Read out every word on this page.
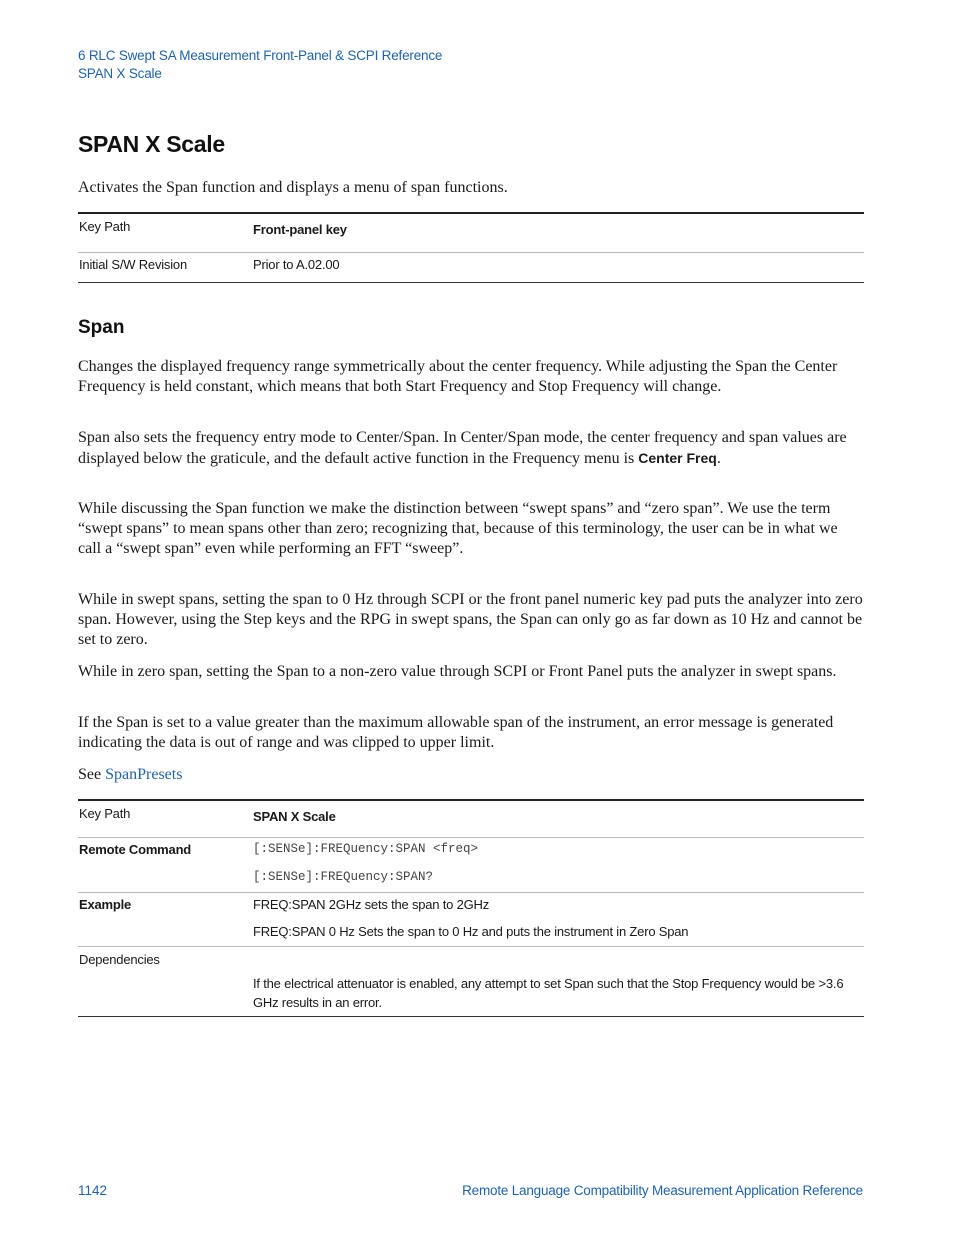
6 RLC Swept SA Measurement Front-Panel & SCPI Reference
SPAN X Scale
SPAN X Scale

Activates the Span function and displays a menu of span functions.

Key Path	Front-panel key
Initial S/W Revision	Prior to A.02.00
Span

Changes the displayed frequency range symmetrically about the center frequency. While adjusting the Span the Center Frequency is held constant, which means that both Start Frequency and Stop Frequency will change.

Span also sets the frequency entry mode to Center/Span. In Center/Span mode, the center frequency and span values are displayed below the graticule, and the default active function in the Frequency menu is Center Freq.

While discussing the Span function we make the distinction between “swept spans” and “zero span”. We use the term “swept spans” to mean spans other than zero; recognizing that, because of this terminology, the user can be in what we call a “swept span” even while performing an FFT “sweep”.

While in swept spans, setting the span to 0 Hz through SCPI or the front panel numeric key pad puts the analyzer into zero span. However, using the Step keys and the RPG in swept spans, the Span can only go as far down as 10 Hz and cannot be set to zero.

While in zero span, setting the Span to a non-zero value through SCPI or Front Panel puts the analyzer in swept spans.

If the Span is set to a value greater than the maximum allowable span of the instrument, an error message is generated indicating the data is out of range and was clipped to upper limit.

See SpanPresets

Key Path	SPAN X Scale
Remote Command	[:SENSe]:FREQuency:SPAN <freq>
	[:SENSe]:FREQuency:SPAN?
Example	FREQ:SPAN 2GHz sets the span to 2GHz
	FREQ:SPAN 0 Hz Sets the span to 0 Hz and puts the instrument in Zero Span
Dependencies	
	If the electrical attenuator is enabled, any attempt to set Span such that the Stop Frequency would be >3.6 GHz results in an error.
1142	Remote Language Compatibility Measurement Application Reference
